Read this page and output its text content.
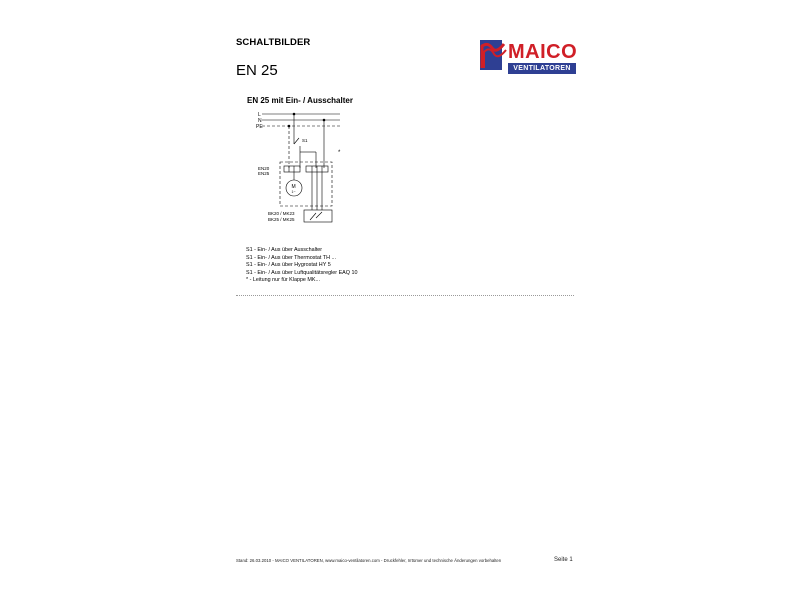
SCHALTBILDER
EN 25
MAICO
VENTILATOREN
EN 25 mit Ein- / Ausschalter
L
N
PE
S1
*
EN20
EN25
M
1~
BK20 / MK23
BK25 / MK25
S1 - Ein- / Aus über Ausschalter
S1 - Ein- / Aus über Thermostat TH ...
S1 - Ein- / Aus über Hygrostat HY 5
S1 - Ein- / Aus über Luftqualitätsregler EAQ 10
* - Leitung nur für Klappe MK...
Stand: 26.03.2010 - MAICO VENTILATOREN, www.maico-ventilatoren.com - Druckfehler, Irrtümer und technische Änderungen vorbehalten	Seite 1
